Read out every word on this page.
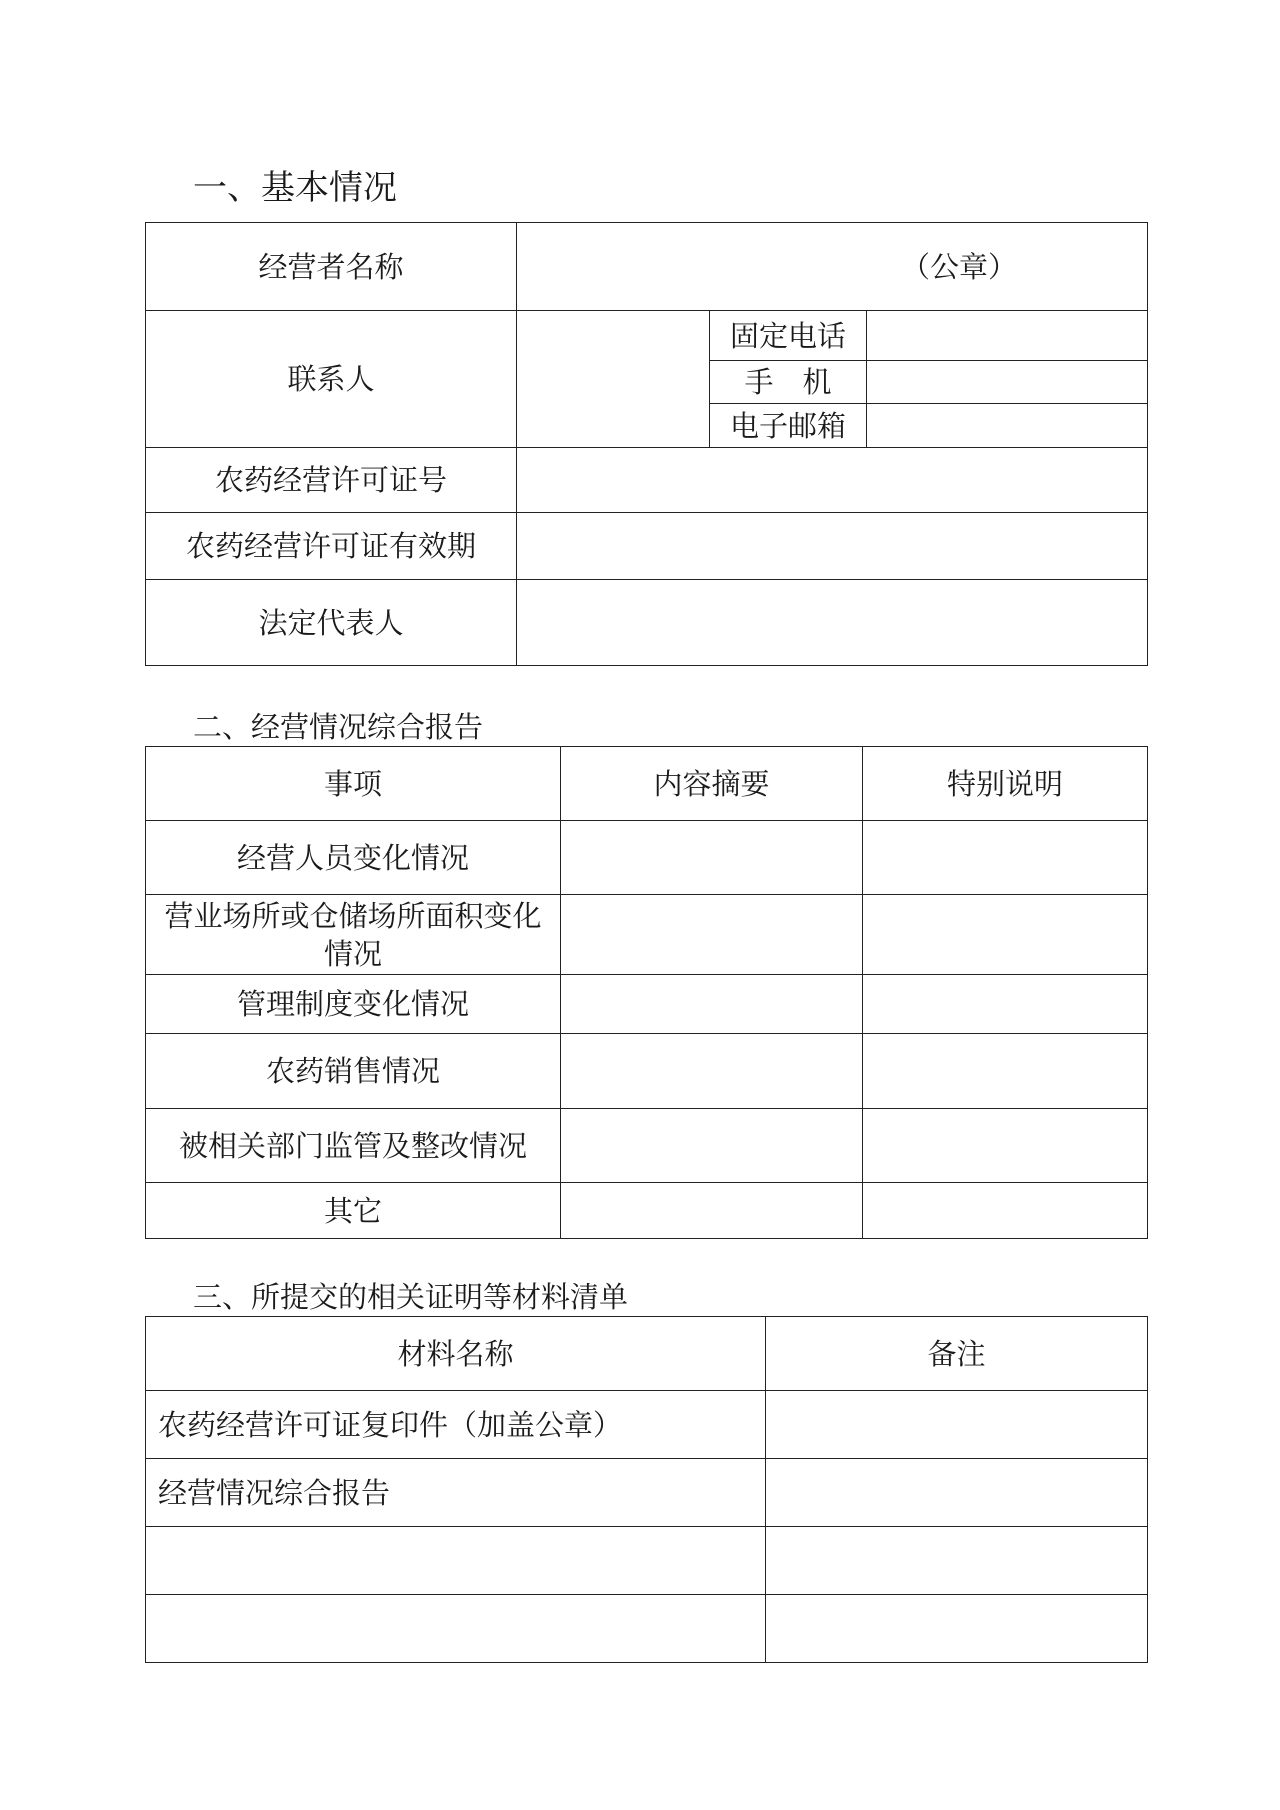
一、基本情况
经营者名称	（公章）		
联系人		固定电话	
		手　机	
		电子邮箱	
农药经营许可证号			
农药经营许可证有效期			
法定代表人			
二、经营情况综合报告
事项	内容摘要	特别说明
经营人员变化情况		
营业场所或仓储场所面积变化情况		
管理制度变化情况		
农药销售情况		
被相关部门监管及整改情况		
其它		
三、所提交的相关证明等材料清单
材料名称	备注
农药经营许可证复印件（加盖公章）	
经营情况综合报告	
